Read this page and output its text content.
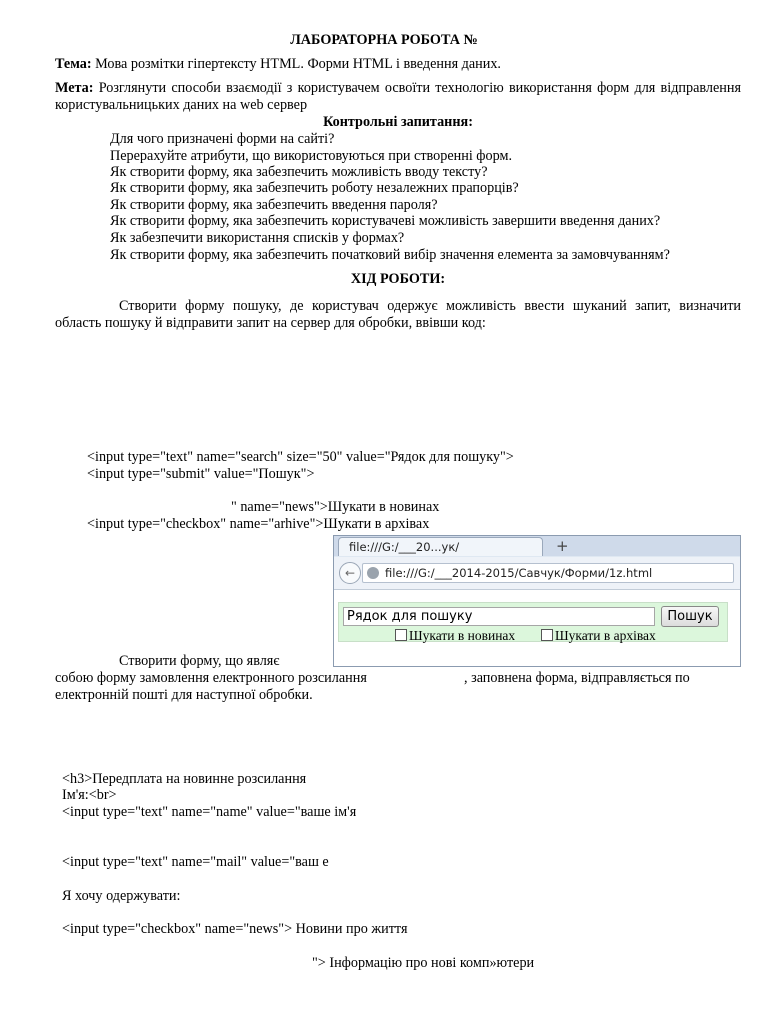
ЛАБОРАТОРНА РОБОТА №
Тема: Мова розмітки гіпертексту HTML. Форми HTML і введення даних.
Мета: Розглянути способи взаємодії з користувачем освоїти технологію використання форм для відправлення користувальницьких даних на web сервер
Контрольні запитання:
Для чого призначені форми на сайті?
Перерахуйте атрибути, що використовуються при створенні форм.
Як створити форму, яка забезпечить можливість вводу тексту?
Як створити форму, яка забезпечить роботу незалежних прапорців?
Як створити форму, яка забезпечить введення пароля?
Як створити форму, яка забезпечить користувачеві можливість завершити введення даних?
Як забезпечити використання списків у формах?
Як створити форму, яка забезпечить початковий вибір значення елемента за замовчуванням?
ХІД РОБОТИ:
Створити форму пошуку, де користувач одержує можливість ввести шуканий запит, визначити область пошуку й відправити запит на сервер для обробки, ввівши код:
<input type="text" name="search" size="50" value="Рядок для пошуку">
<input type="submit" value="Пошук">
" name="news">Шукати в новинах
<input type="checkbox" name="arhive">Шукати в архівах
file:///G:/___20...ук/	+
←	file:///G:/___2014-2015/Савчук/Форми/1z.html
Рядок для пошуку	Пошук
Шукати в новинах	Шукати в архівах
Створити форму, що являє
собою форму замовлення електронного розсилання	, заповнена форма, відправляється по
електронній пошті для наступної обробки.
<h3>Передплата на новинне розсилання
Ім'я:<br>
<input type="text" name="name" value="ваше ім'я
<input type="text" name="mail" value="ваш е
Я хочу одержувати:
<input type="checkbox" name="news"> Новини про життя
"> Інформацію про нові комп»ютери
